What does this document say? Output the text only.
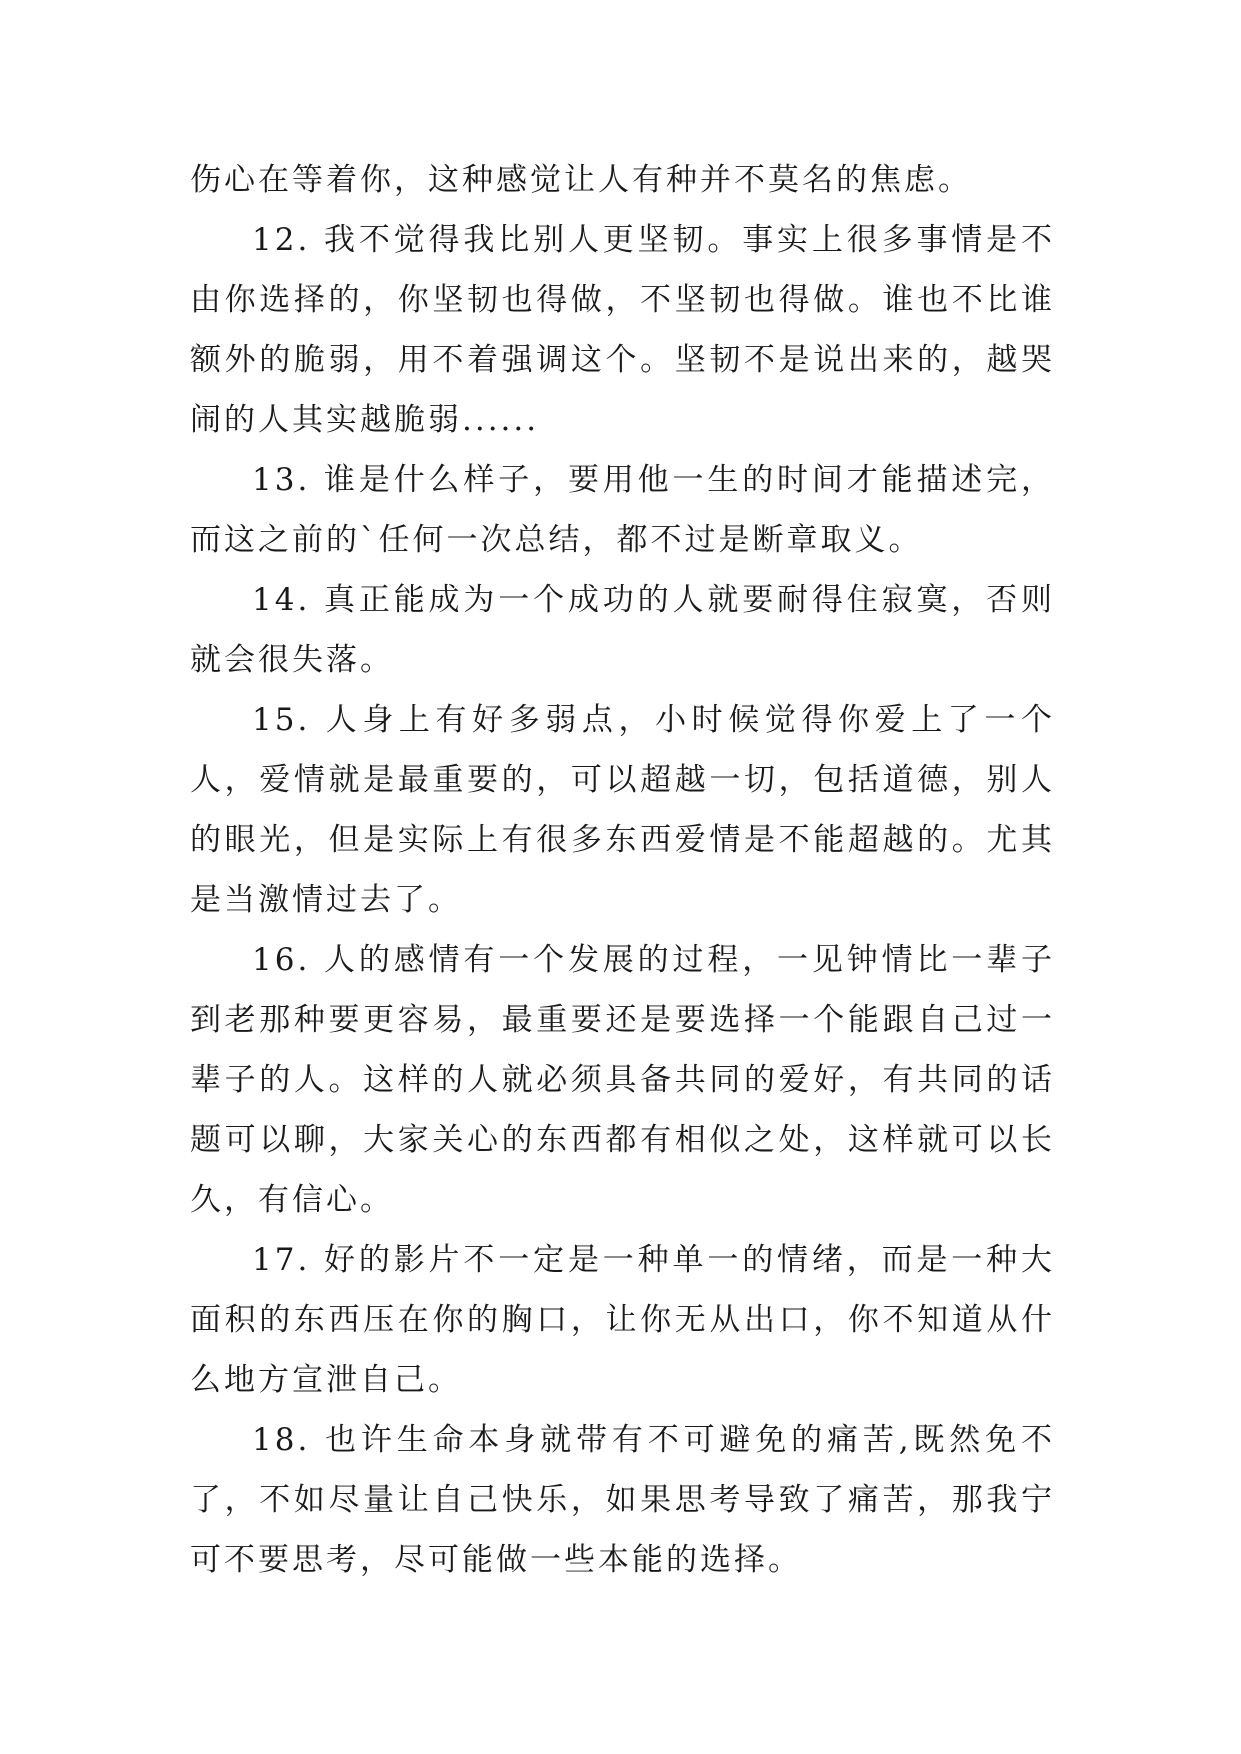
伤心在等着你，这种感觉让人有种并不莫名的焦虑。

12. 我不觉得我比别人更坚韧。事实上很多事情是不由你选择的，你坚韧也得做，不坚韧也得做。谁也不比谁额外的脆弱，用不着强调这个。坚韧不是说出来的，越哭闹的人其实越脆弱......

13. 谁是什么样子，要用他一生的时间才能描述完，而这之前的`任何一次总结，都不过是断章取义。

14. 真正能成为一个成功的人就要耐得住寂寞，否则就会很失落。

15. 人身上有好多弱点，小时候觉得你爱上了一个人，爱情就是最重要的，可以超越一切，包括道德，别人的眼光，但是实际上有很多东西爱情是不能超越的。尤其是当激情过去了。

16. 人的感情有一个发展的过程，一见钟情比一辈子到老那种要更容易，最重要还是要选择一个能跟自己过一辈子的人。这样的人就必须具备共同的爱好，有共同的话题可以聊，大家关心的东西都有相似之处，这样就可以长久，有信心。

17. 好的影片不一定是一种单一的情绪，而是一种大面积的东西压在你的胸口，让你无从出口，你不知道从什么地方宣泄自己。

18. 也许生命本身就带有不可避免的痛苦,既然免不了，不如尽量让自己快乐，如果思考导致了痛苦，那我宁可不要思考，尽可能做一些本能的选择。
